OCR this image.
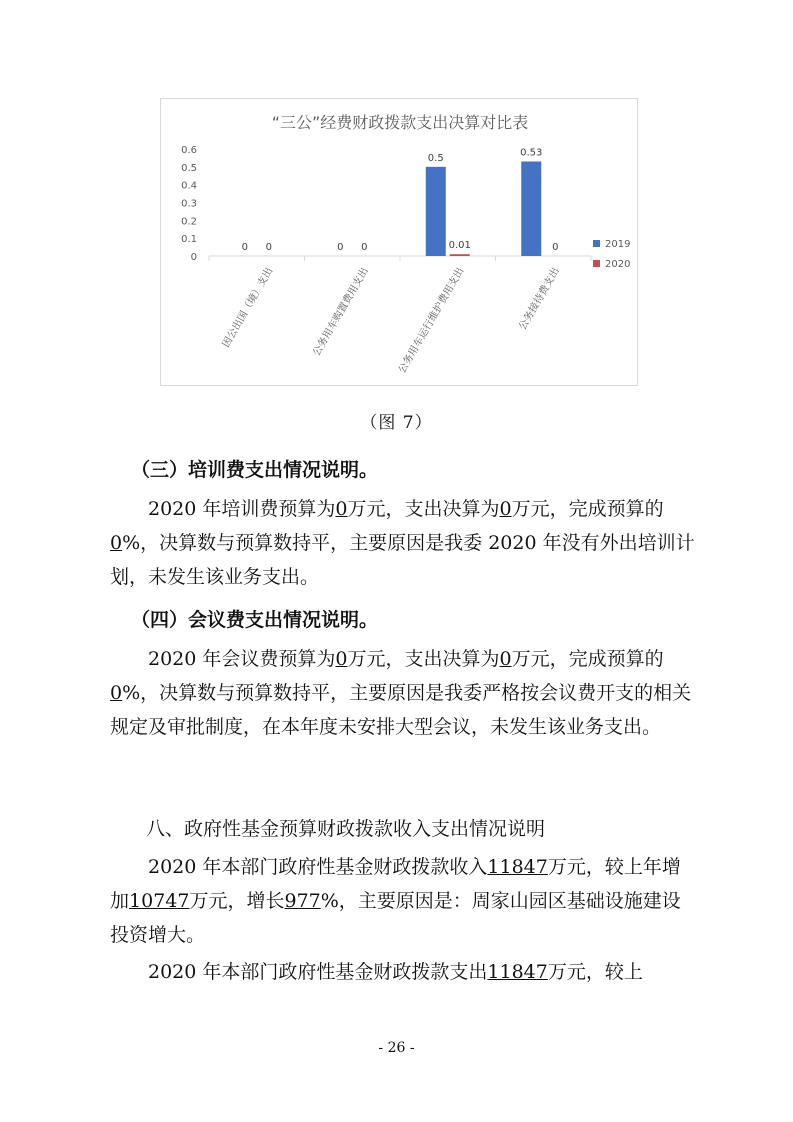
“三公”经费财政拨款支出决算对比表
0
0.1
0.2
0.3
0.4
0.5
0.6
0 0
因公出国（境）支出
0 0
公务用车购置费用支出
0.5
0.01
公务用车运行维护费用支出
0.53
0
公务接待费支出
2019
2020
（图 7）
（三）培训费支出情况说明。
2020 年培训费预算为0万元，支出决算为0万元，完成预算的0%，决算数与预算数持平，主要原因是我委 2020 年没有外出培训计划，未发生该业务支出。
（四）会议费支出情况说明。
2020 年会议费预算为0万元，支出决算为0万元，完成预算的0%，决算数与预算数持平，主要原因是我委严格按会议费开支的相关规定及审批制度，在本年度未安排大型会议，未发生该业务支出。
八、政府性基金预算财政拨款收入支出情况说明
2020 年本部门政府性基金财政拨款收入11847万元，较上年增加10747万元，增长977%，主要原因是：周家山园区基础设施建设投资增大。
2020 年本部门政府性基金财政拨款支出11847万元，较上
- 26 -
